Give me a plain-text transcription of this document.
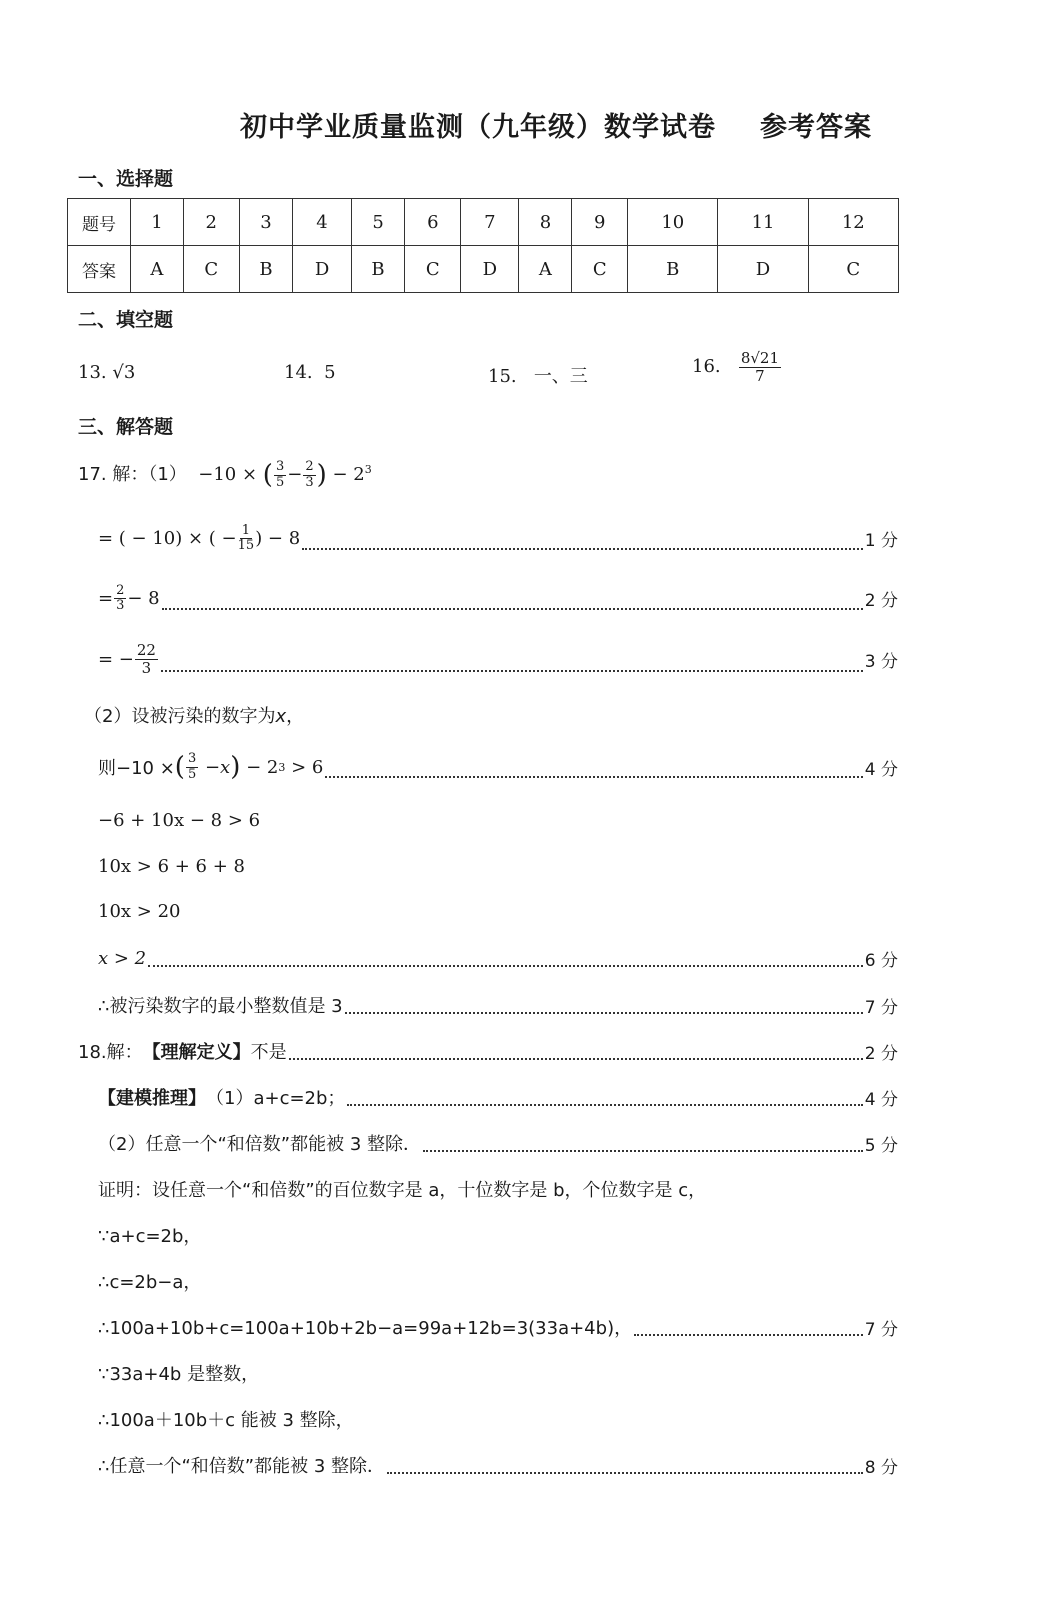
初中学业质量监测（九年级）数学试卷 参考答案
一、选择题
题号	1	2	3	4	5	6	7	8	9	10	11	12
答案	A	C	B	D	B	C	D	A	C	B	D	C
二、填空题
13. √3	14. 5	15. 一、三	16. $\frac{8√21}{7}$
三、解答题
17. 解：（1）  −10 × ( $\frac{3}{5} - \frac{2}{3}$ ) − $2^3$
= ( − 10) × ( − $\frac{1}{15}$ ) − 8	1 分
= $\frac{2}{3} - 8$	2 分
= − $\frac{22}{3}$	3 分
（2）设被污染的数字为x，
则−10 × ( $\frac{3}{5} - x$ )
− 2 3
> 6	4 分
−6 + 10x − 8 > 6
10x > 6 + 6 + 8
10x > 20
x > 2	6 分
∴被污染数字的最小整数值是 3	7 分
18.解： 【理解定义】 不是	2 分
【建模推理】 （1）a+c=2b；	4 分
（2）任意一个“和倍数”都能被 3 整除．	5 分
证明：设任意一个“和倍数”的百位数字是 a，十位数字是 b，个位数字是 c，
∵a+c=2b，
∴c=2b−a，
∴100a+10b+c=100a+10b+2b−a=99a+12b=3(33a+4b)，	7 分
∵33a+4b 是整数，
∴100a＋10b＋c 能被 3 整除，
∴任意一个“和倍数”都能被 3 整除．	8 分
